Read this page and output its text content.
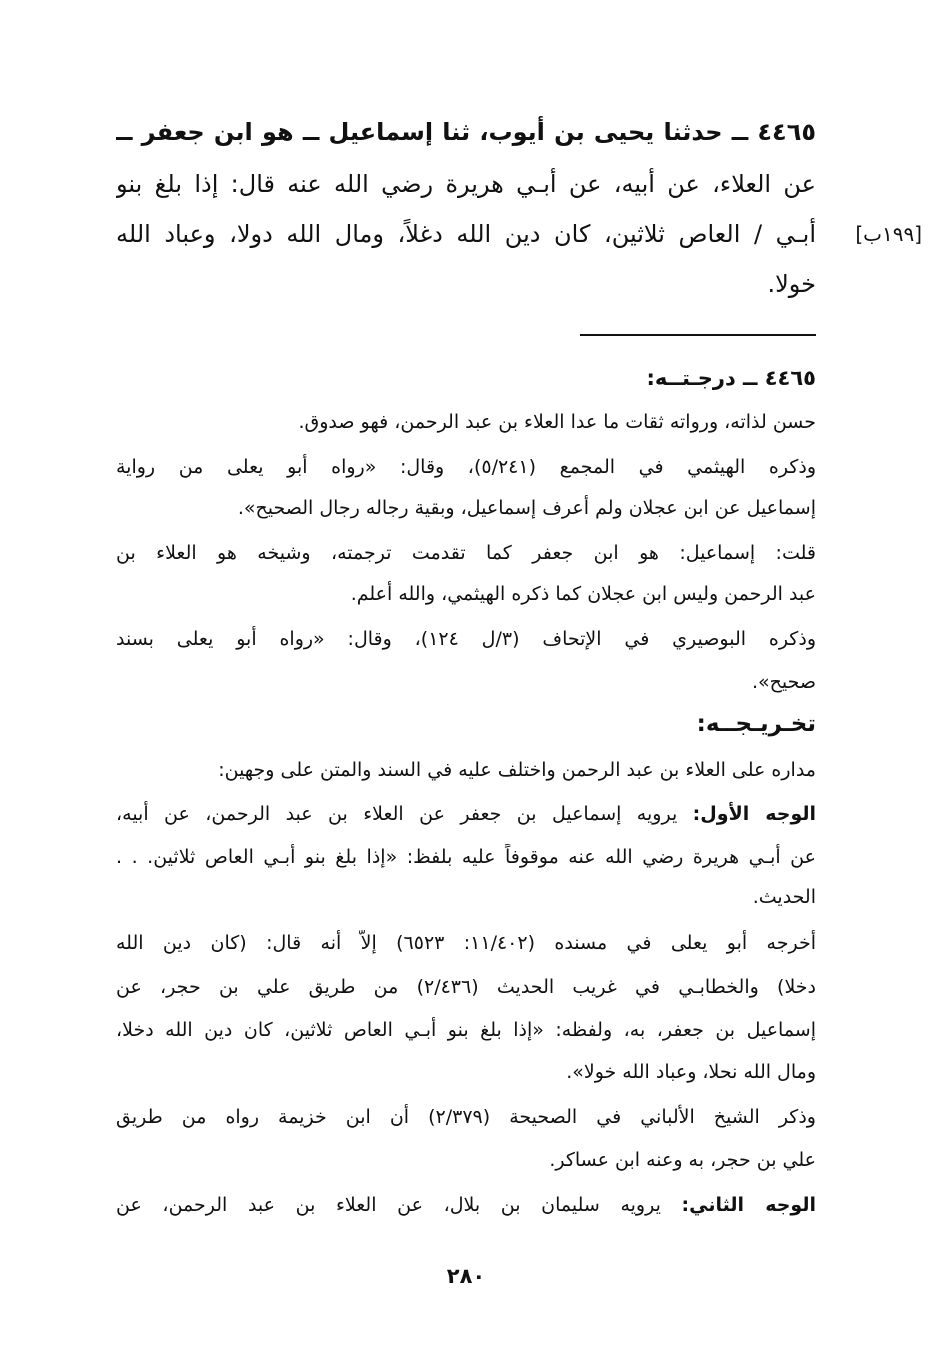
٤٤٦٥ ــ حدثنا يحيى بن أيوب، ثنا إسماعيل ــ هو ابن جعفر ــ
عن العلاء، عن أبيه، عن أبـي هريرة رضي الله عنه قال: إذا بلغ بنو
أبـي / العاص ثلاثين، كان دين الله دغلاً، ومال الله دولا، وعباد الله
خولا.
[١٩٩ب]
٤٤٦٥ ــ درجـتــه:
حسن لذاته، ورواته ثقات ما عدا العلاء بن عبد الرحمن، فهو صدوق.
وذكره الهيثمي في المجمع (٥/٢٤١)، وقال: «رواه أبو يعلى من رواية
إسماعيل عن ابن عجلان ولم أعرف إسماعيل، وبقية رجاله رجال الصحيح».
قلت: إسماعيل: هو ابن جعفر كما تقدمت ترجمته، وشيخه هو العلاء بن
عبد الرحمن وليس ابن عجلان كما ذكره الهيثمي، والله أعلم.
وذكره البوصيري في الإتحاف (٣/ل ١٢٤)، وقال: «رواه أبو يعلى بسند
صحيح».
تخـريـجــه:
مداره على العلاء بن عبد الرحمن واختلف عليه في السند والمتن على وجهين:
الوجه الأول: يرويه إسماعيل بن جعفر عن العلاء بن عبد الرحمن، عن أبيه،
عن أبـي هريرة رضي الله عنه موقوفاً عليه بلفظ: «إذا بلغ بنو أبـي العاص ثلاثين. . .
الحديث.
أخرجه أبو يعلى في مسنده (١١/٤٠٢: ٦٥٢٣) إلاَّ أنه قال: (كان دين الله
دخلا) والخطابـي في غريب الحديث (٢/٤٣٦) من طريق علي بن حجر، عن
إسماعيل بن جعفر، به، ولفظه: «إذا بلغ بنو أبـي العاص ثلاثين، كان دين الله دخلا،
ومال الله نحلا، وعباد الله خولا».
وذكر الشيخ الألباني في الصحيحة (٢/٣٧٩) أن ابن خزيمة رواه من طريق
علي بن حجر، به وعنه ابن عساكر.
الوجه الثاني: يرويه سليمان بن بلال، عن العلاء بن عبد الرحمن، عن
٢٨٠
